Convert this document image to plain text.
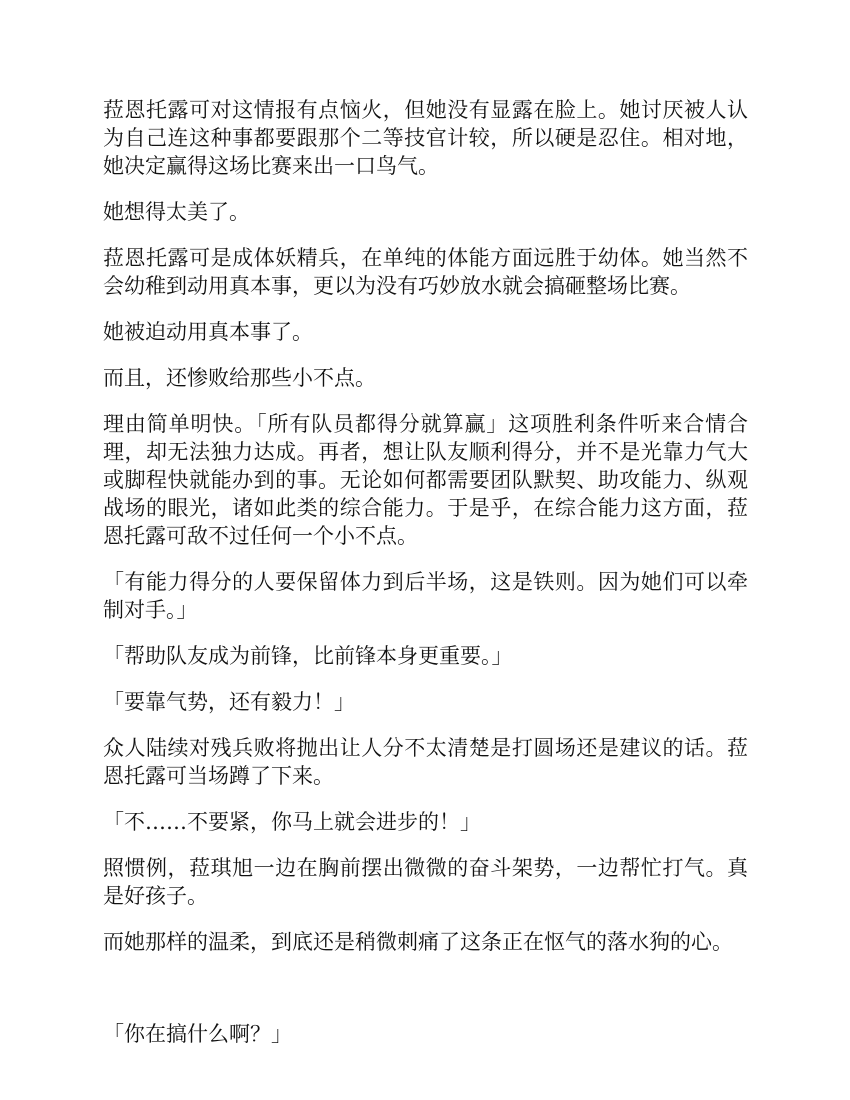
菈恩托露可对这情报有点恼火，但她没有显露在脸上。她讨厌被人认为自己连这种事都要跟那个二等技官计较，所以硬是忍住。相对地，她决定赢得这场比赛来出一口鸟气。

她想得太美了。

菈恩托露可是成体妖精兵，在单纯的体能方面远胜于幼体。她当然不会幼稚到动用真本事，更以为没有巧妙放水就会搞砸整场比赛。

她被迫动用真本事了。

而且，还惨败给那些小不点。

理由简单明快。「所有队员都得分就算赢」这项胜利条件听来合情合理，却无法独力达成。再者，想让队友顺利得分，并不是光靠力气大或脚程快就能办到的事。无论如何都需要团队默契、助攻能力、纵观战场的眼光，诸如此类的综合能力。于是乎，在综合能力这方面，菈恩托露可敌不过任何一个小不点。

「有能力得分的人要保留体力到后半场，这是铁则。因为她们可以牵制对手。」

「帮助队友成为前锋，比前锋本身更重要。」

「要靠气势，还有毅力！」

众人陆续对残兵败将抛出让人分不太清楚是打圆场还是建议的话。菈恩托露可当场蹲了下来。

「不……不要紧，你马上就会进步的！」

照惯例，菈琪旭一边在胸前摆出微微的奋斗架势，一边帮忙打气。真是好孩子。

而她那样的温柔，到底还是稍微刺痛了这条正在怄气的落水狗的心。

「你在搞什么啊？」
